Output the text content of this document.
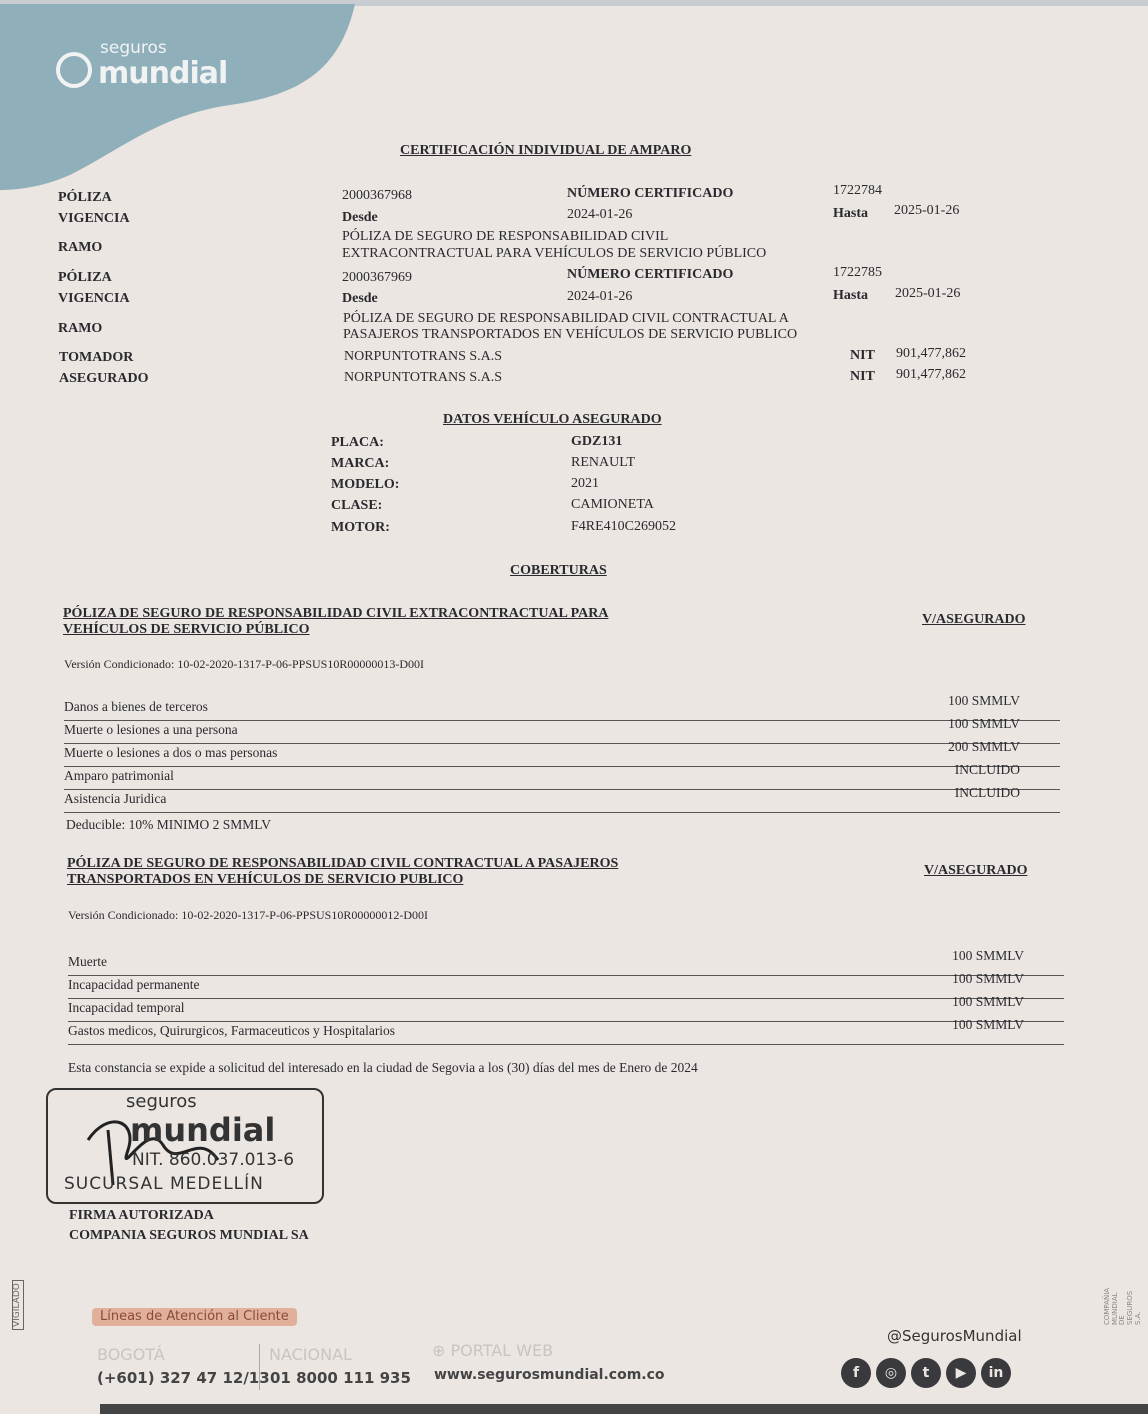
seguros
mundial
CERTIFICACIÓN INDIVIDUAL DE AMPARO
PÓLIZA	2000367968	NÚMERO CERTIFICADO	1722784
VIGENCIA	Desde	2024-01-26	Hasta 2025-01-26
RAMO
PÓLIZA DE SEGURO DE RESPONSABILIDAD CIVIL
EXTRACONTRACTUAL PARA VEHÍCULOS DE SERVICIO PÚBLICO
PÓLIZA	2000367969	NÚMERO CERTIFICADO	1722785
VIGENCIA	Desde	2024-01-26	Hasta 2025-01-26
RAMO
PÓLIZA DE SEGURO DE RESPONSABILIDAD CIVIL CONTRACTUAL A
PASAJEROS TRANSPORTADOS EN VEHÍCULOS DE SERVICIO PUBLICO
TOMADOR	NORPUNTOTRANS S.A.S	NIT 901,477,862
ASEGURADO	NORPUNTOTRANS S.A.S	NIT 901,477,862
DATOS VEHÍCULO ASEGURADO
PLACA:	GDZ131
MARCA:	RENAULT
MODELO:	2021
CLASE:	CAMIONETA
MOTOR:	F4RE410C269052
COBERTURAS
PÓLIZA DE SEGURO DE RESPONSABILIDAD CIVIL EXTRACONTRACTUAL PARA
VEHÍCULOS DE SERVICIO PÚBLICO
V/ASEGURADO
Versión Condicionado: 10-02-2020-1317-P-06-PPSUS10R00000013-D00I
Danos a bienes de terceros	100 SMMLV
Muerte o lesiones a una persona	100 SMMLV
Muerte o lesiones a dos o mas personas	200 SMMLV
Amparo patrimonial	INCLUIDO
Asistencia Juridica	INCLUIDO
Deducible: 10% MINIMO 2 SMMLV
PÓLIZA DE SEGURO DE RESPONSABILIDAD CIVIL CONTRACTUAL A PASAJEROS
TRANSPORTADOS EN VEHÍCULOS DE SERVICIO PUBLICO
V/ASEGURADO
Versión Condicionado: 10-02-2020-1317-P-06-PPSUS10R00000012-D00I
Muerte	100 SMMLV
Incapacidad permanente	100 SMMLV
Incapacidad temporal	100 SMMLV
Gastos medicos, Quirurgicos, Farmaceuticos y Hospitalarios	100 SMMLV
Esta constancia se expide a solicitud del interesado en la ciudad de Segovia a los (30) días del mes de Enero de 2024
seguros
mundial
NIT. 860.037.013-6
SUCURSAL MEDELLÍN
FIRMA AUTORIZADA
COMPANIA SEGUROS MUNDIAL SA
VIGILADO	COMPAÑIA MUNDIAL DE SEGUROS S.A.
Líneas de Atención al Cliente
BOGOTÁ
(+601) 327 47 12/13
NACIONAL
01 8000 111 935
⊕ PORTAL WEB
www.segurosmundial.com.co
@SegurosMundial
f ◎ t ▶ in
